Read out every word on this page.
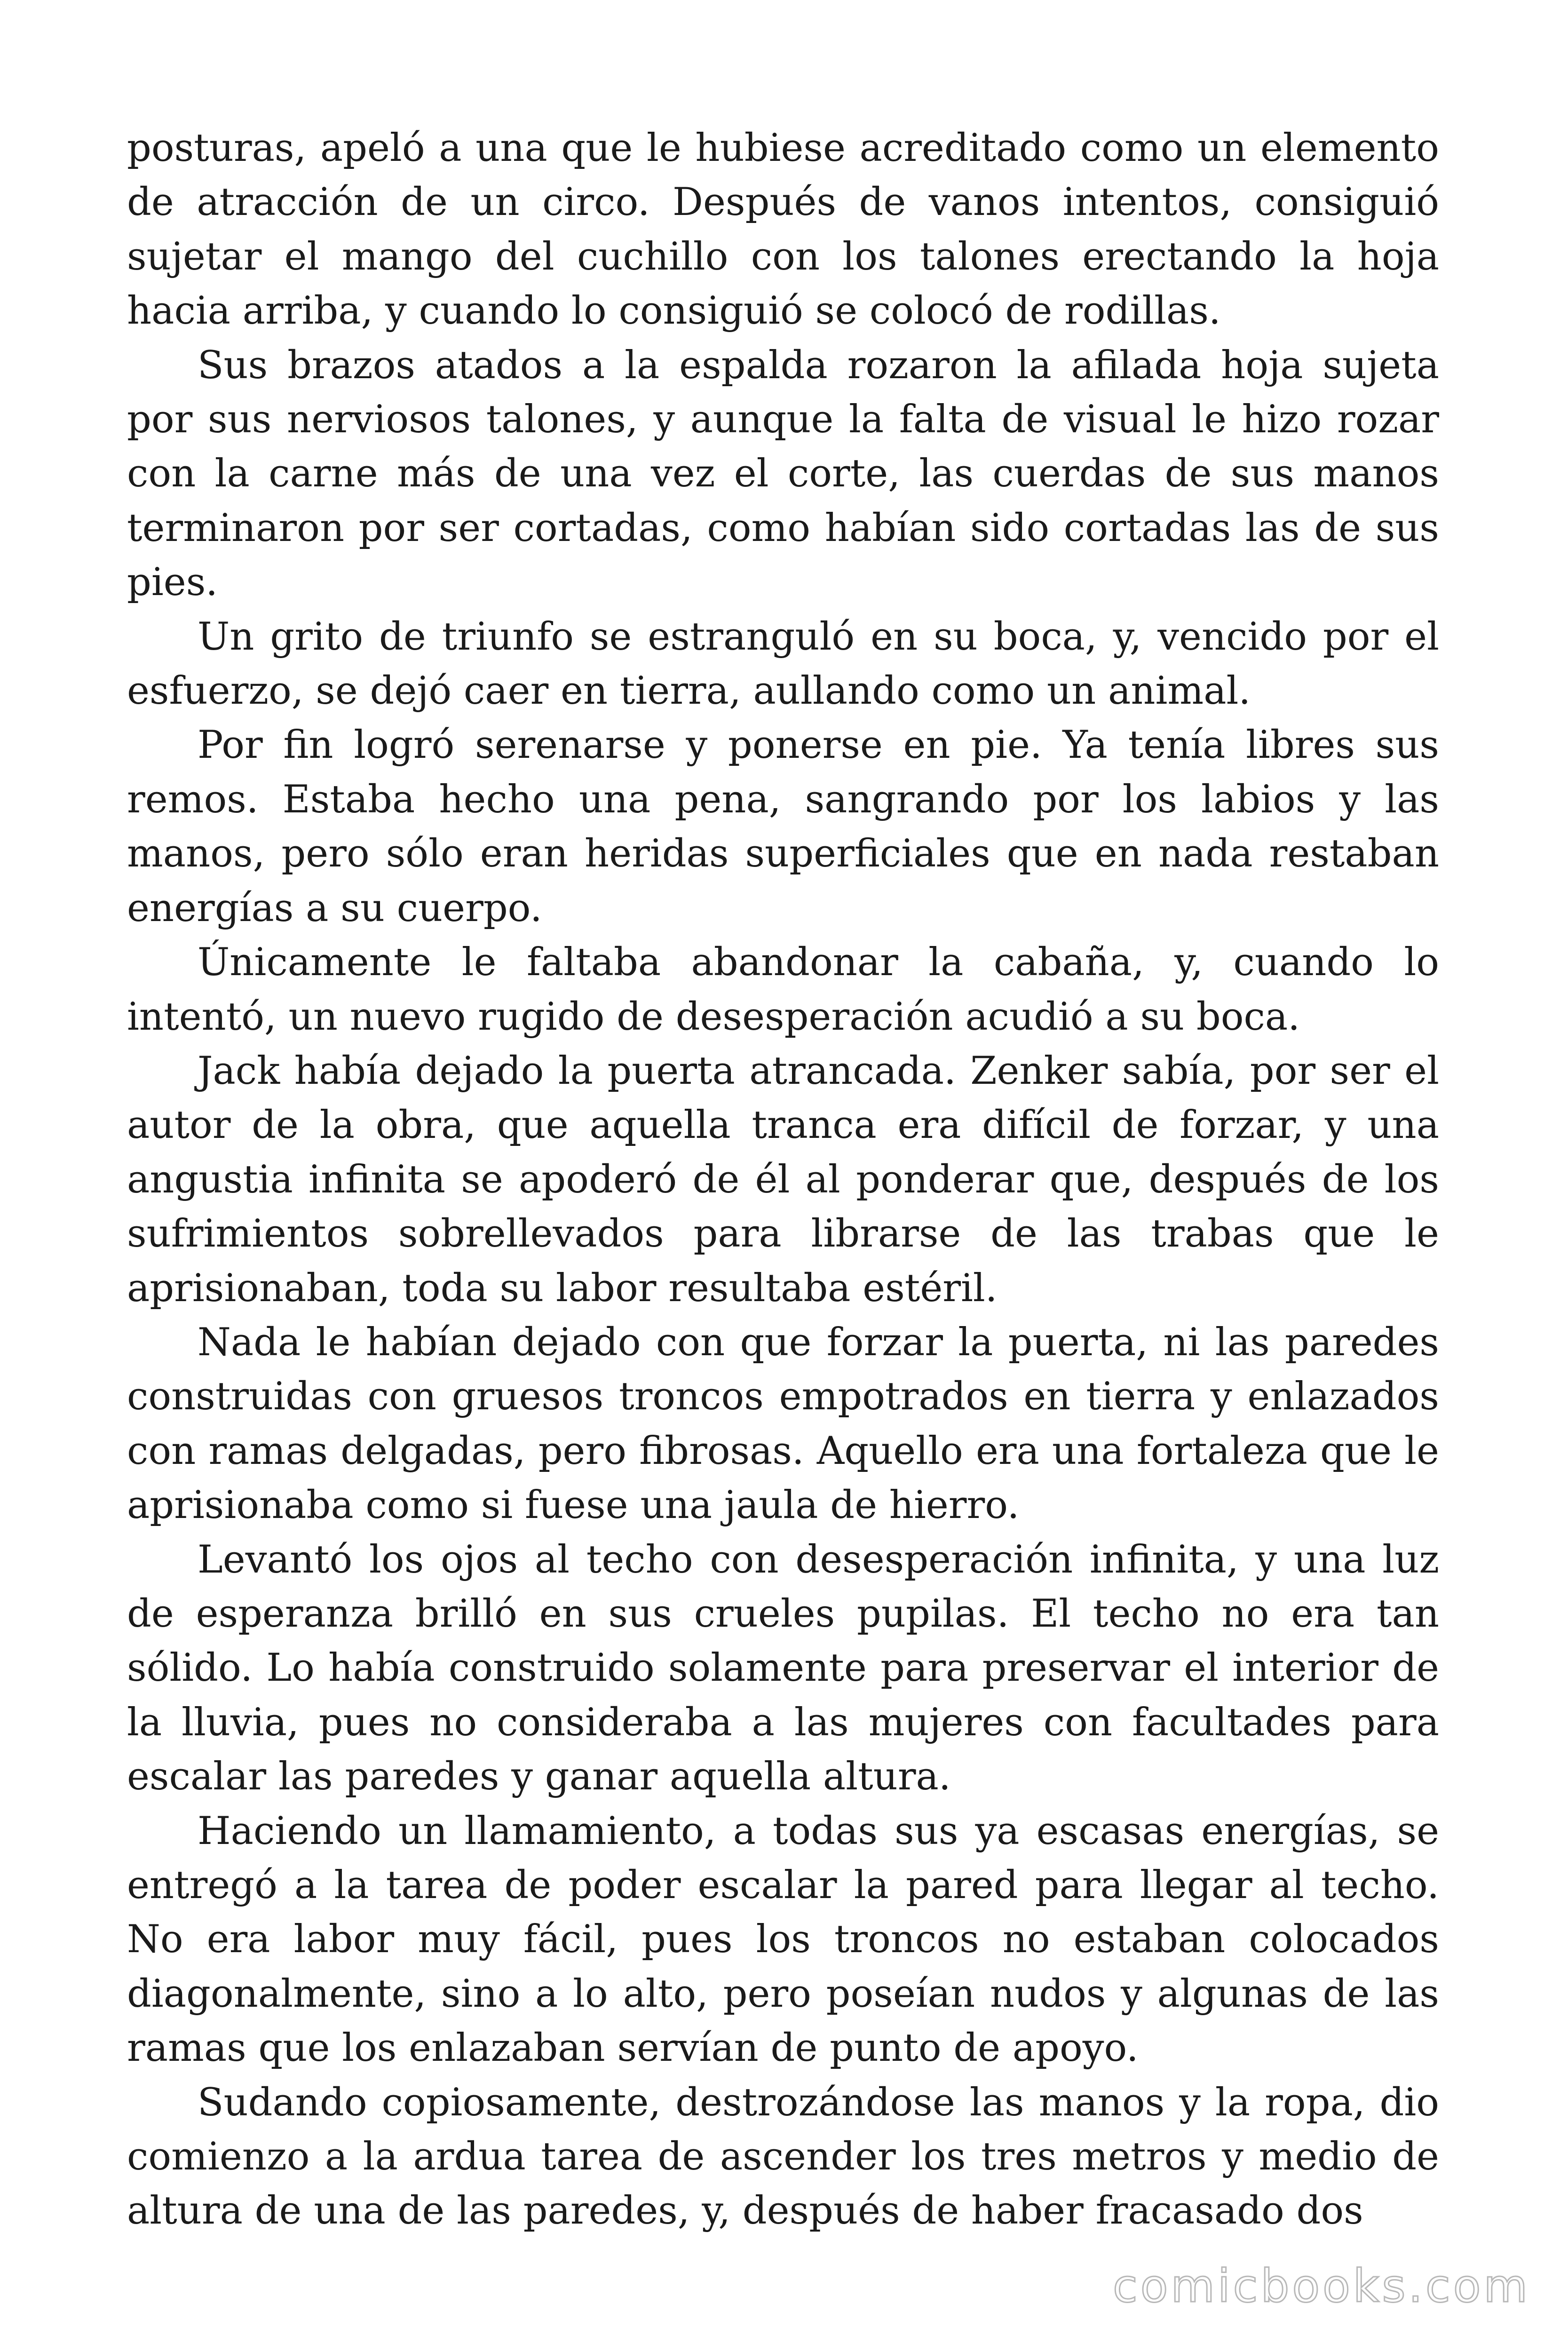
posturas, apeló a una que le hubiese acreditado como un elemento de atracción de un circo. Después de vanos intentos, consiguió sujetar el mango del cuchillo con los talones erectando la hoja hacia arriba, y cuando lo consiguió se colocó de rodillas.

Sus brazos atados a la espalda rozaron la afilada hoja sujeta por sus nerviosos talones, y aunque la falta de visual le hizo rozar con la carne más de una vez el corte, las cuerdas de sus manos terminaron por ser cortadas, como habían sido cortadas las de sus pies.

Un grito de triunfo se estranguló en su boca, y, vencido por el esfuerzo, se dejó caer en tierra, aullando como un animal.

Por fin logró serenarse y ponerse en pie. Ya tenía libres sus remos. Estaba hecho una pena, sangrando por los labios y las manos, pero sólo eran heridas superficiales que en nada restaban energías a su cuerpo.

Únicamente le faltaba abandonar la cabaña, y, cuando lo intentó, un nuevo rugido de desesperación acudió a su boca.

Jack había dejado la puerta atrancada. Zenker sabía, por ser el autor de la obra, que aquella tranca era difícil de forzar, y una angustia infinita se apoderó de él al ponderar que, después de los sufrimientos sobrellevados para librarse de las trabas que le aprisionaban, toda su labor resultaba estéril.

Nada le habían dejado con que forzar la puerta, ni las paredes construidas con gruesos troncos empotrados en tierra y enlazados con ramas delgadas, pero fibrosas. Aquello era una fortaleza que le aprisionaba como si fuese una jaula de hierro.

Levantó los ojos al techo con desesperación infinita, y una luz de esperanza brilló en sus crueles pupilas. El techo no era tan sólido. Lo había construido solamente para preservar el interior de la lluvia, pues no consideraba a las mujeres con facultades para escalar las paredes y ganar aquella altura.

Haciendo un llamamiento, a todas sus ya escasas energías, se entregó a la tarea de poder escalar la pared para llegar al techo. No era labor muy fácil, pues los troncos no estaban colocados diagonalmente, sino a lo alto, pero poseían nudos y algunas de las ramas que los enlazaban servían de punto de apoyo.

Sudando copiosamente, destrozándose las manos y la ropa, dio comienzo a la ardua tarea de ascender los tres metros y medio de altura de una de las paredes, y, después de haber fracasado dos

comicbooks.com
